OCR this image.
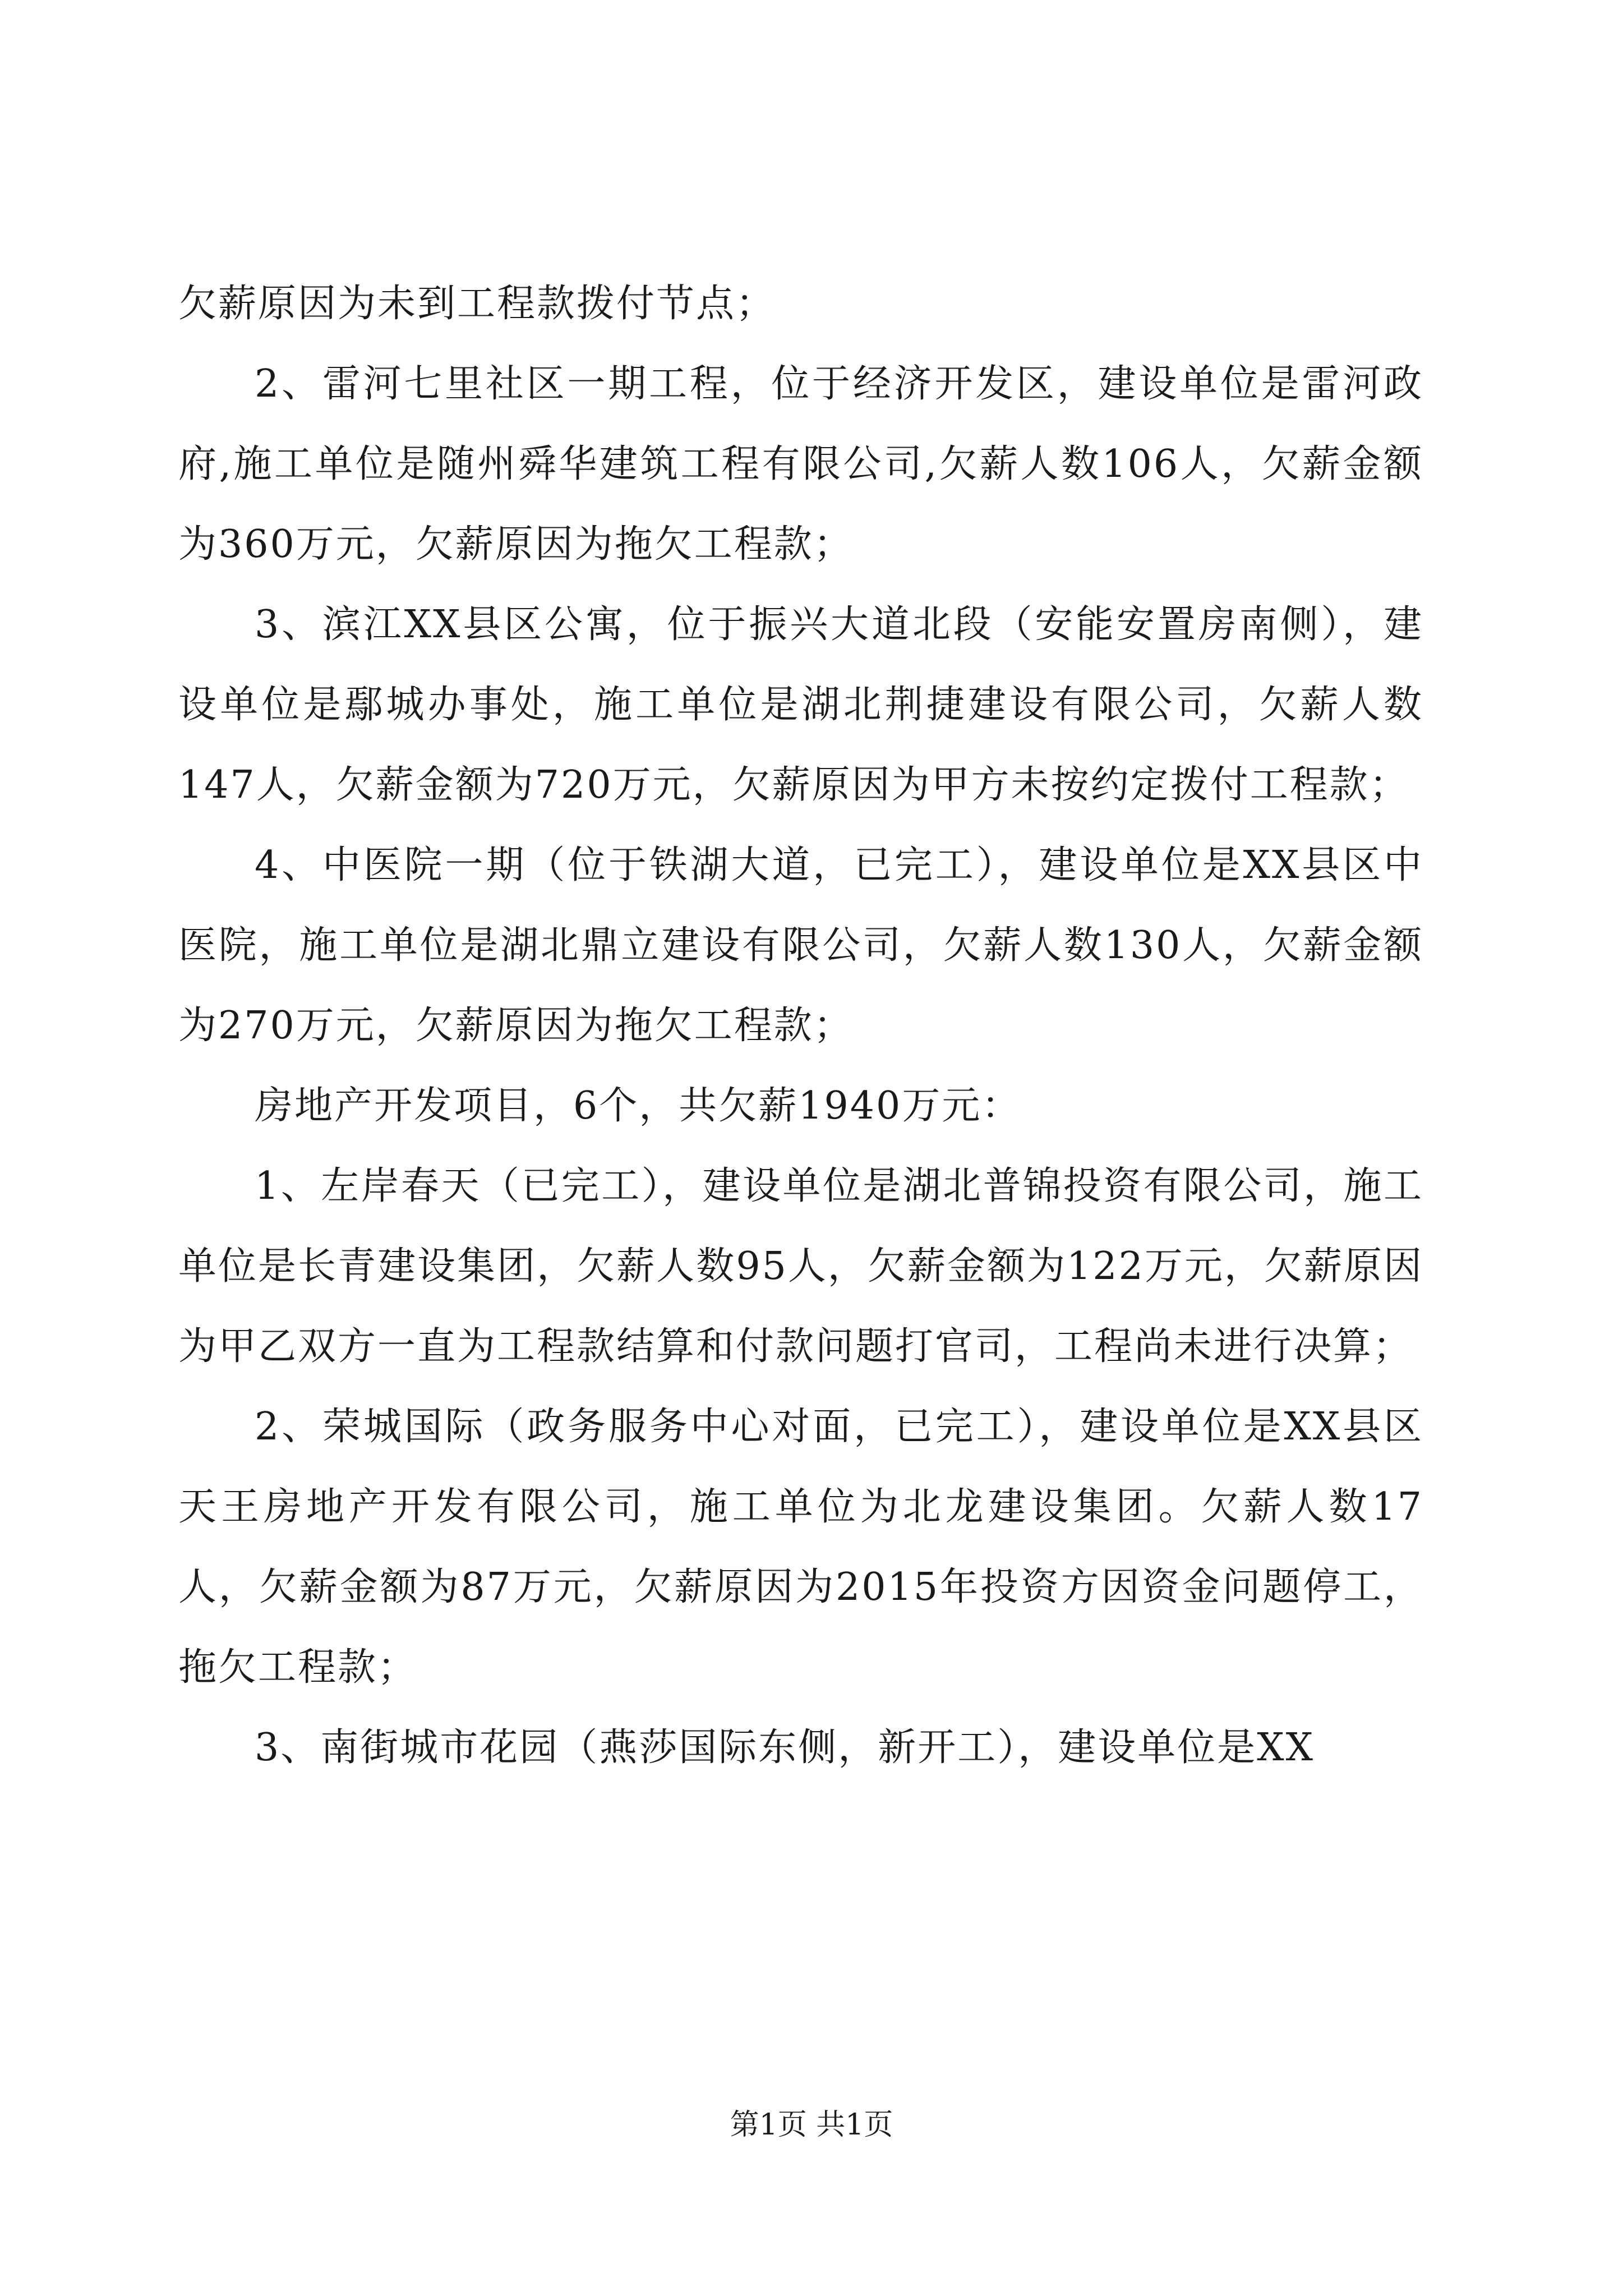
欠薪原因为未到工程款拨付节点；

2、雷河七里社区一期工程，位于经济开发区，建设单位是雷河政府,施工单位是随州舜华建筑工程有限公司,欠薪人数106人，欠薪金额为360万元，欠薪原因为拖欠工程款；

3、滨江XX县区公寓，位于振兴大道北段（安能安置房南侧），建设单位是鄢城办事处，施工单位是湖北荆捷建设有限公司，欠薪人数147人，欠薪金额为720万元，欠薪原因为甲方未按约定拨付工程款；

4、中医院一期（位于铁湖大道，已完工），建设单位是XX县区中医院，施工单位是湖北鼎立建设有限公司，欠薪人数130人，欠薪金额为270万元，欠薪原因为拖欠工程款；

房地产开发项目，6个，共欠薪1940万元：

1、左岸春天（已完工），建设单位是湖北普锦投资有限公司，施工单位是长青建设集团，欠薪人数95人，欠薪金额为122万元，欠薪原因为甲乙双方一直为工程款结算和付款问题打官司，工程尚未进行决算；

2、荣城国际（政务服务中心对面，已完工），建设单位是XX县区天王房地产开发有限公司，施工单位为北龙建设集团。欠薪人数17人，欠薪金额为87万元，欠薪原因为2015年投资方因资金问题停工，拖欠工程款；

3、南街城市花园（燕莎国际东侧，新开工），建设单位是XX

第1页 共1页
